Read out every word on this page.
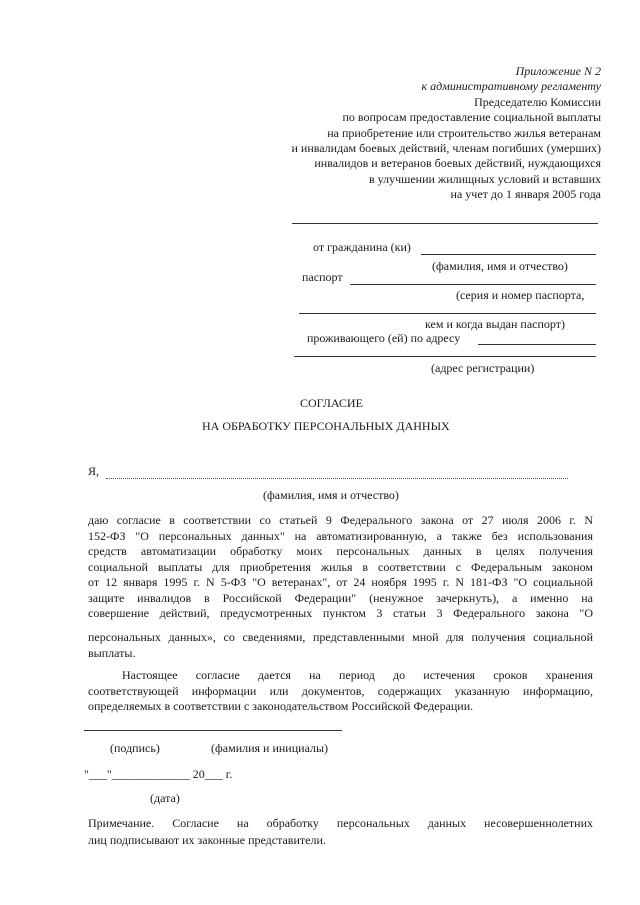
Приложение N 2
к административному регламенту
Председателю Комиссии
по вопросам предоставление социальной выплаты
на приобретение или строительство жилья ветеранам
и инвалидам боевых действий, членам погибших (умерших)
инвалидов и ветеранов боевых действий, нуждающихся
в улучшении жилищных условий и вставших
на учет до 1 января 2005 года
от гражданина (ки)
(фамилия, имя и отчество)
паспорт
(серия и номер паспорта,
кем и когда выдан паспорт)
проживающего (ей) по адресу
(адрес регистрации)
СОГЛАСИЕ
НА ОБРАБОТКУ ПЕРСОНАЛЬНЫХ ДАННЫХ
Я,
(фамилия, имя и отчество)
даю согласие в соответствии со статьей 9 Федерального закона от 27 июля 2006 г. N
152-ФЗ "О персональных данных" на автоматизированную, а также без использования
средств автоматизации обработку моих персональных данных в целях получения
социальной выплаты для приобретения жилья в соответствии с Федеральным законом
от 12 января 1995 г. N 5-ФЗ "О ветеранах", от 24 ноября 1995 г. N 181-ФЗ "О социальной
защите инвалидов в Российской Федерации" (ненужное зачеркнуть), а именно на
совершение действий, предусмотренных пунктом 3 статьи 3 Федерального закона "О
персональных данных», со сведениями, представленными мной для получения социальной
выплаты.
Настоящее согласие дается на период до истечения сроков хранения
соответствующей информации или документов, содержащих указанную информацию,
определяемых в соответствии с законодательством Российской Федерации.
(подпись)	(фамилия и инициалы)
"___"_____________ 20___ г.
(дата)
Примечание. Согласие на обработку персональных данных несовершеннолетних
лиц подписывают их законные представители.
